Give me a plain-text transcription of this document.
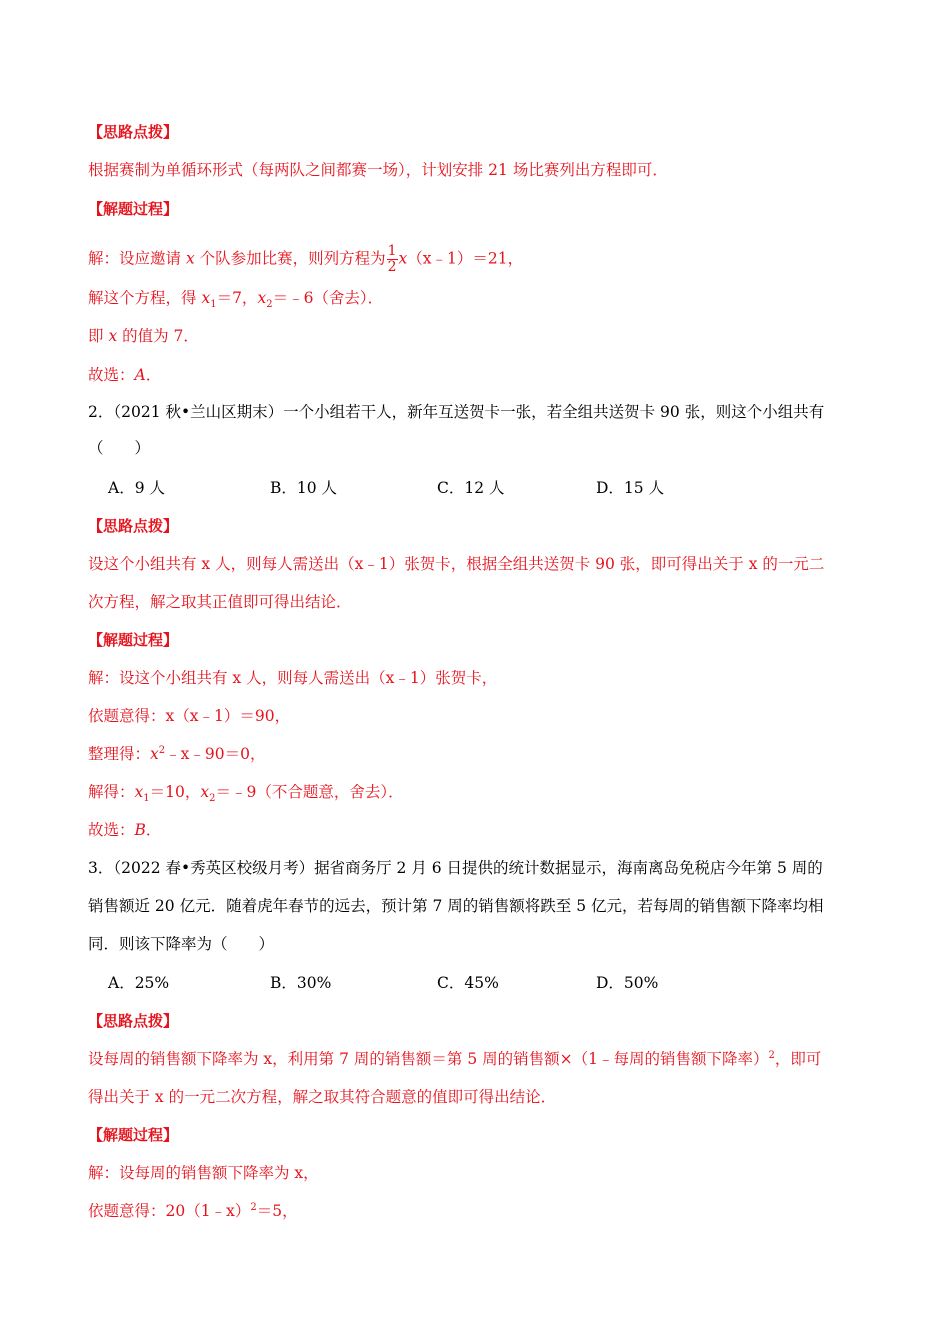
【思路点拨】
根据赛制为单循环形式（每两队之间都赛一场），计划安排 21 场比赛列出方程即可．
【解题过程】
解：设应邀请 x 个队参加比赛，则列方程为 $\frac{1}{2}$ x（x﹣1）＝21，
解这个方程，得 $x_1=7$，$x_2=﹣6$（舍去）．
即 x 的值为 7．
故选：A．
2．（2021 秋•兰山区期末）一个小组若干人，新年互送贺卡一张，若全组共送贺卡 90 张，则这个小组共有
（　　）
A．9 人	B．10 人	C．12 人	D．15 人
【思路点拨】
设这个小组共有 x 人，则每人需送出（x﹣1）张贺卡，根据全组共送贺卡 90 张，即可得出关于 x 的一元二
次方程，解之取其正值即可得出结论．
【解题过程】
解：设这个小组共有 x 人，则每人需送出（x﹣1）张贺卡，
依题意得：x（x﹣1）＝90，
整理得：$x^2﹣x﹣90=0$，
解得：$x_1=10$，$x_2=﹣9$（不合题意，舍去）．
故选：B．
3．（2022 春•秀英区校级月考）据省商务厅 2 月 6 日提供的统计数据显示，海南离岛免税店今年第 5 周的
销售额近 20 亿元．随着虎年春节的远去，预计第 7 周的销售额将跌至 5 亿元，若每周的销售额下降率均相
同．则该下降率为（　　）
A．25%	B．30%	C．45%	D．50%
【思路点拨】
设每周的销售额下降率为 x，利用第 7 周的销售额＝第 5 周的销售额×（1﹣每周的销售额下降率）$^2$，即可
得出关于 x 的一元二次方程，解之取其符合题意的值即可得出结论．
【解题过程】
解：设每周的销售额下降率为 x，
依题意得：20（1﹣x）$^2$＝5，
